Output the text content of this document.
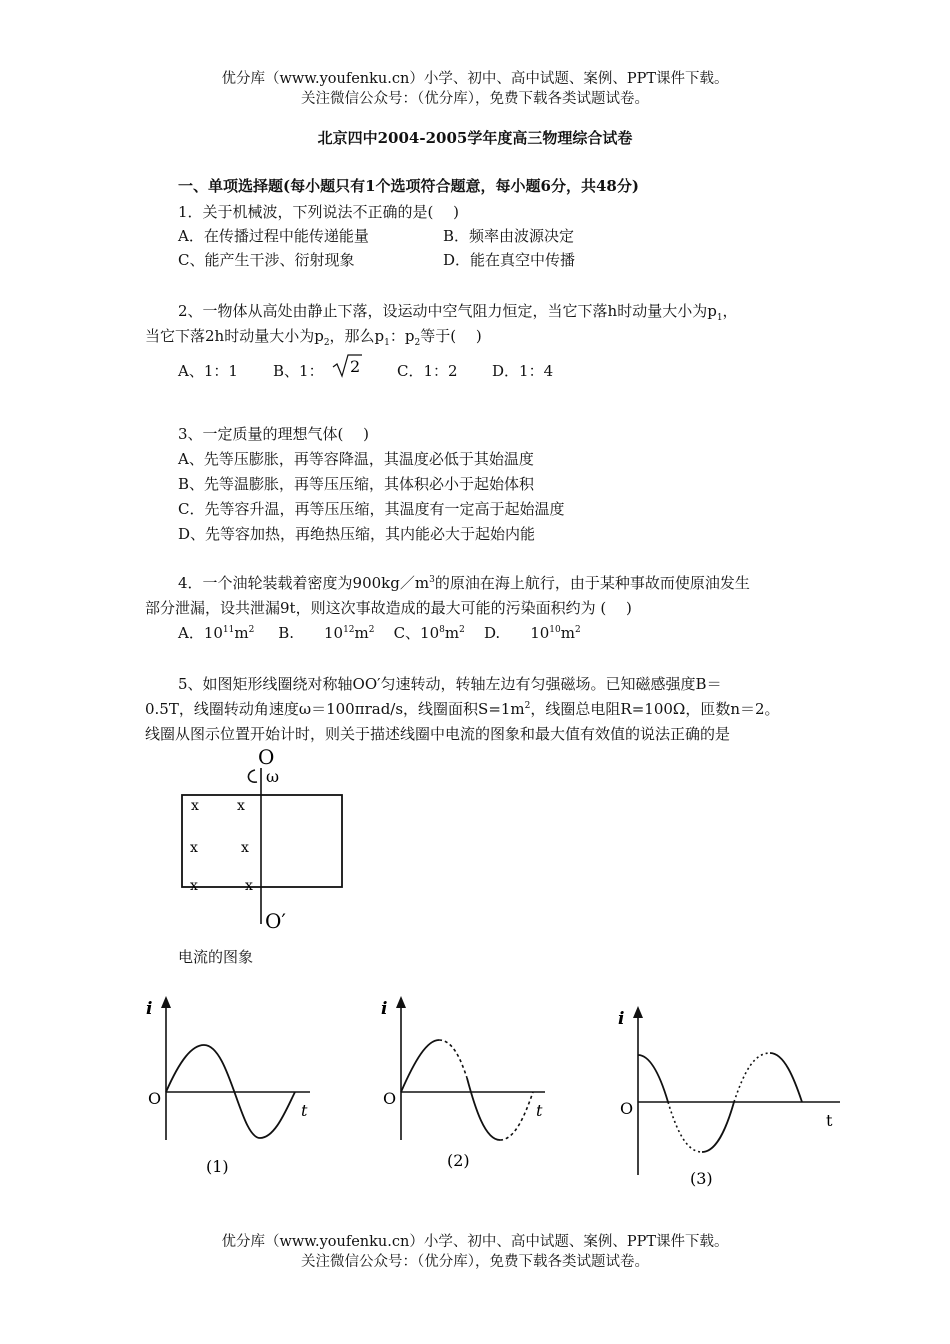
优分库（www.youfenku.cn）小学、初中、高中试题、案例、PPT课件下载。
关注微信公众号：（优分库），免费下载各类试题试卷。
北京四中2004-2005学年度高三物理综合试卷
一、单项选择题(每小题只有1个选项符合题意，每小题6分，共48分)
1．关于机械波，下列说法不正确的是(　 )
A．在传播过程中能传递能量	B．频率由波源决定
C、能产生干涉、衍射现象	D．能在真空中传播
2、一物体从高处由静止下落，设运动中空气阻力恒定，当它下落h时动量大小为$p_1$，
当它下落2h时动量大小为$p_2$，那么$p_1$：$p_2$等于(　 )
A、1：1 B、1： 2 C．1：2 D．1：4
3、一定质量的理想气体(　 )
A、先等压膨胀，再等容降温，其温度必低于其始温度
B、先等温膨胀，再等压压缩，其体积必小于起始体积
C．先等容升温，再等压压缩，其温度有一定高于起始温度
D、先等容加热，再绝热压缩，其内能必大于起始内能
4．一个油轮装载着密度为$900kg/m^3$的原油在海上航行，由于某种事故而使原油发生
部分泄漏，设共泄漏9t，则这次事故造成的最大可能的污染面积约为 (　 )
A．$10^{11}m^2$ B.　　$10^{12}m^2$ C、$10^8m^2$ D.　　$10^{10}m^2$
5、如图矩形线圈绕对称轴OO′匀速转动，转轴左边有匀强磁场。已知磁感强度B＝
0.5T，线圈转动角速度ω＝100πrad/s，线圈面积$S=1m^2$，线圈总电阻R=100Ω，匝数n＝2。
线圈从图示位置开始计时，则关于描述线圈中电流的图象和最大值有效值的说法正确的是
O
ω
x	x
x	x
x	x
O′
电流的图象
i
O
t
(1)
i
O
t
(2)
i
O
t
(3)
优分库（www.youfenku.cn）小学、初中、高中试题、案例、PPT课件下载。
关注微信公众号：（优分库），免费下载各类试题试卷。
